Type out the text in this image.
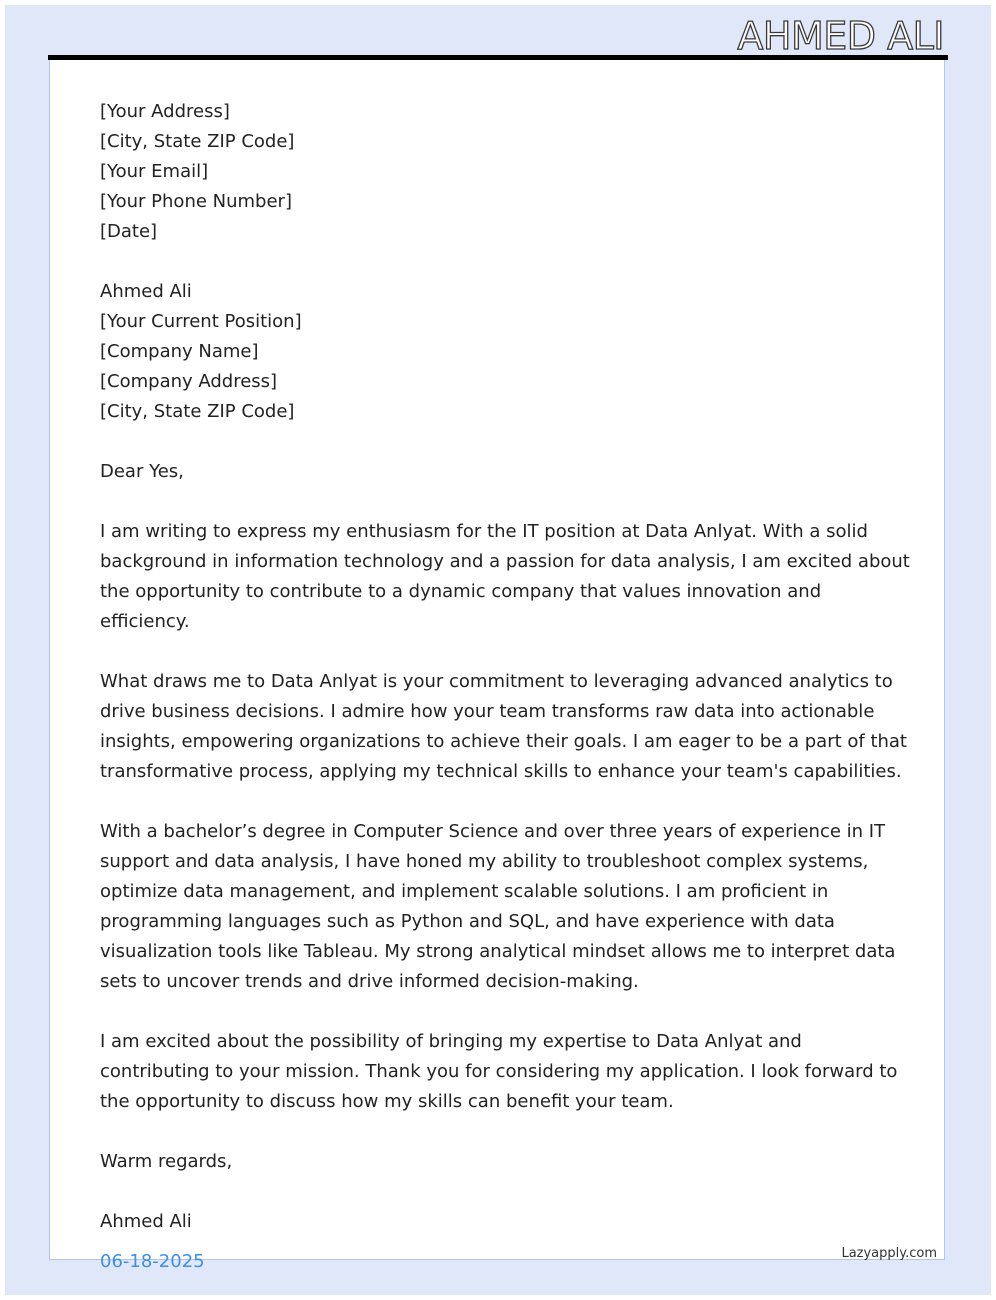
AHMED ALI
[Your Address]
[City, State ZIP Code]
[Your Email]
[Your Phone Number]
[Date]
Ahmed Ali
[Your Current Position]
[Company Name]
[Company Address]
[City, State ZIP Code]
Dear Yes,

I am writing to express my enthusiasm for the IT position at Data Anlyat. With a solid
background in information technology and a passion for data analysis, I am excited about
the opportunity to contribute to a dynamic company that values innovation and
efficiency.

What draws me to Data Anlyat is your commitment to leveraging advanced analytics to
drive business decisions. I admire how your team transforms raw data into actionable
insights, empowering organizations to achieve their goals. I am eager to be a part of that
transformative process, applying my technical skills to enhance your team's capabilities.

With a bachelor’s degree in Computer Science and over three years of experience in IT
support and data analysis, I have honed my ability to troubleshoot complex systems,
optimize data management, and implement scalable solutions. I am proficient in
programming languages such as Python and SQL, and have experience with data
visualization tools like Tableau. My strong analytical mindset allows me to interpret data
sets to uncover trends and drive informed decision-making.

I am excited about the possibility of bringing my expertise to Data Anlyat and
contributing to your mission. Thank you for considering my application. I look forward to
the opportunity to discuss how my skills can benefit your team.

Warm regards,
Ahmed Ali
06-18-2025	Lazyapply.com
